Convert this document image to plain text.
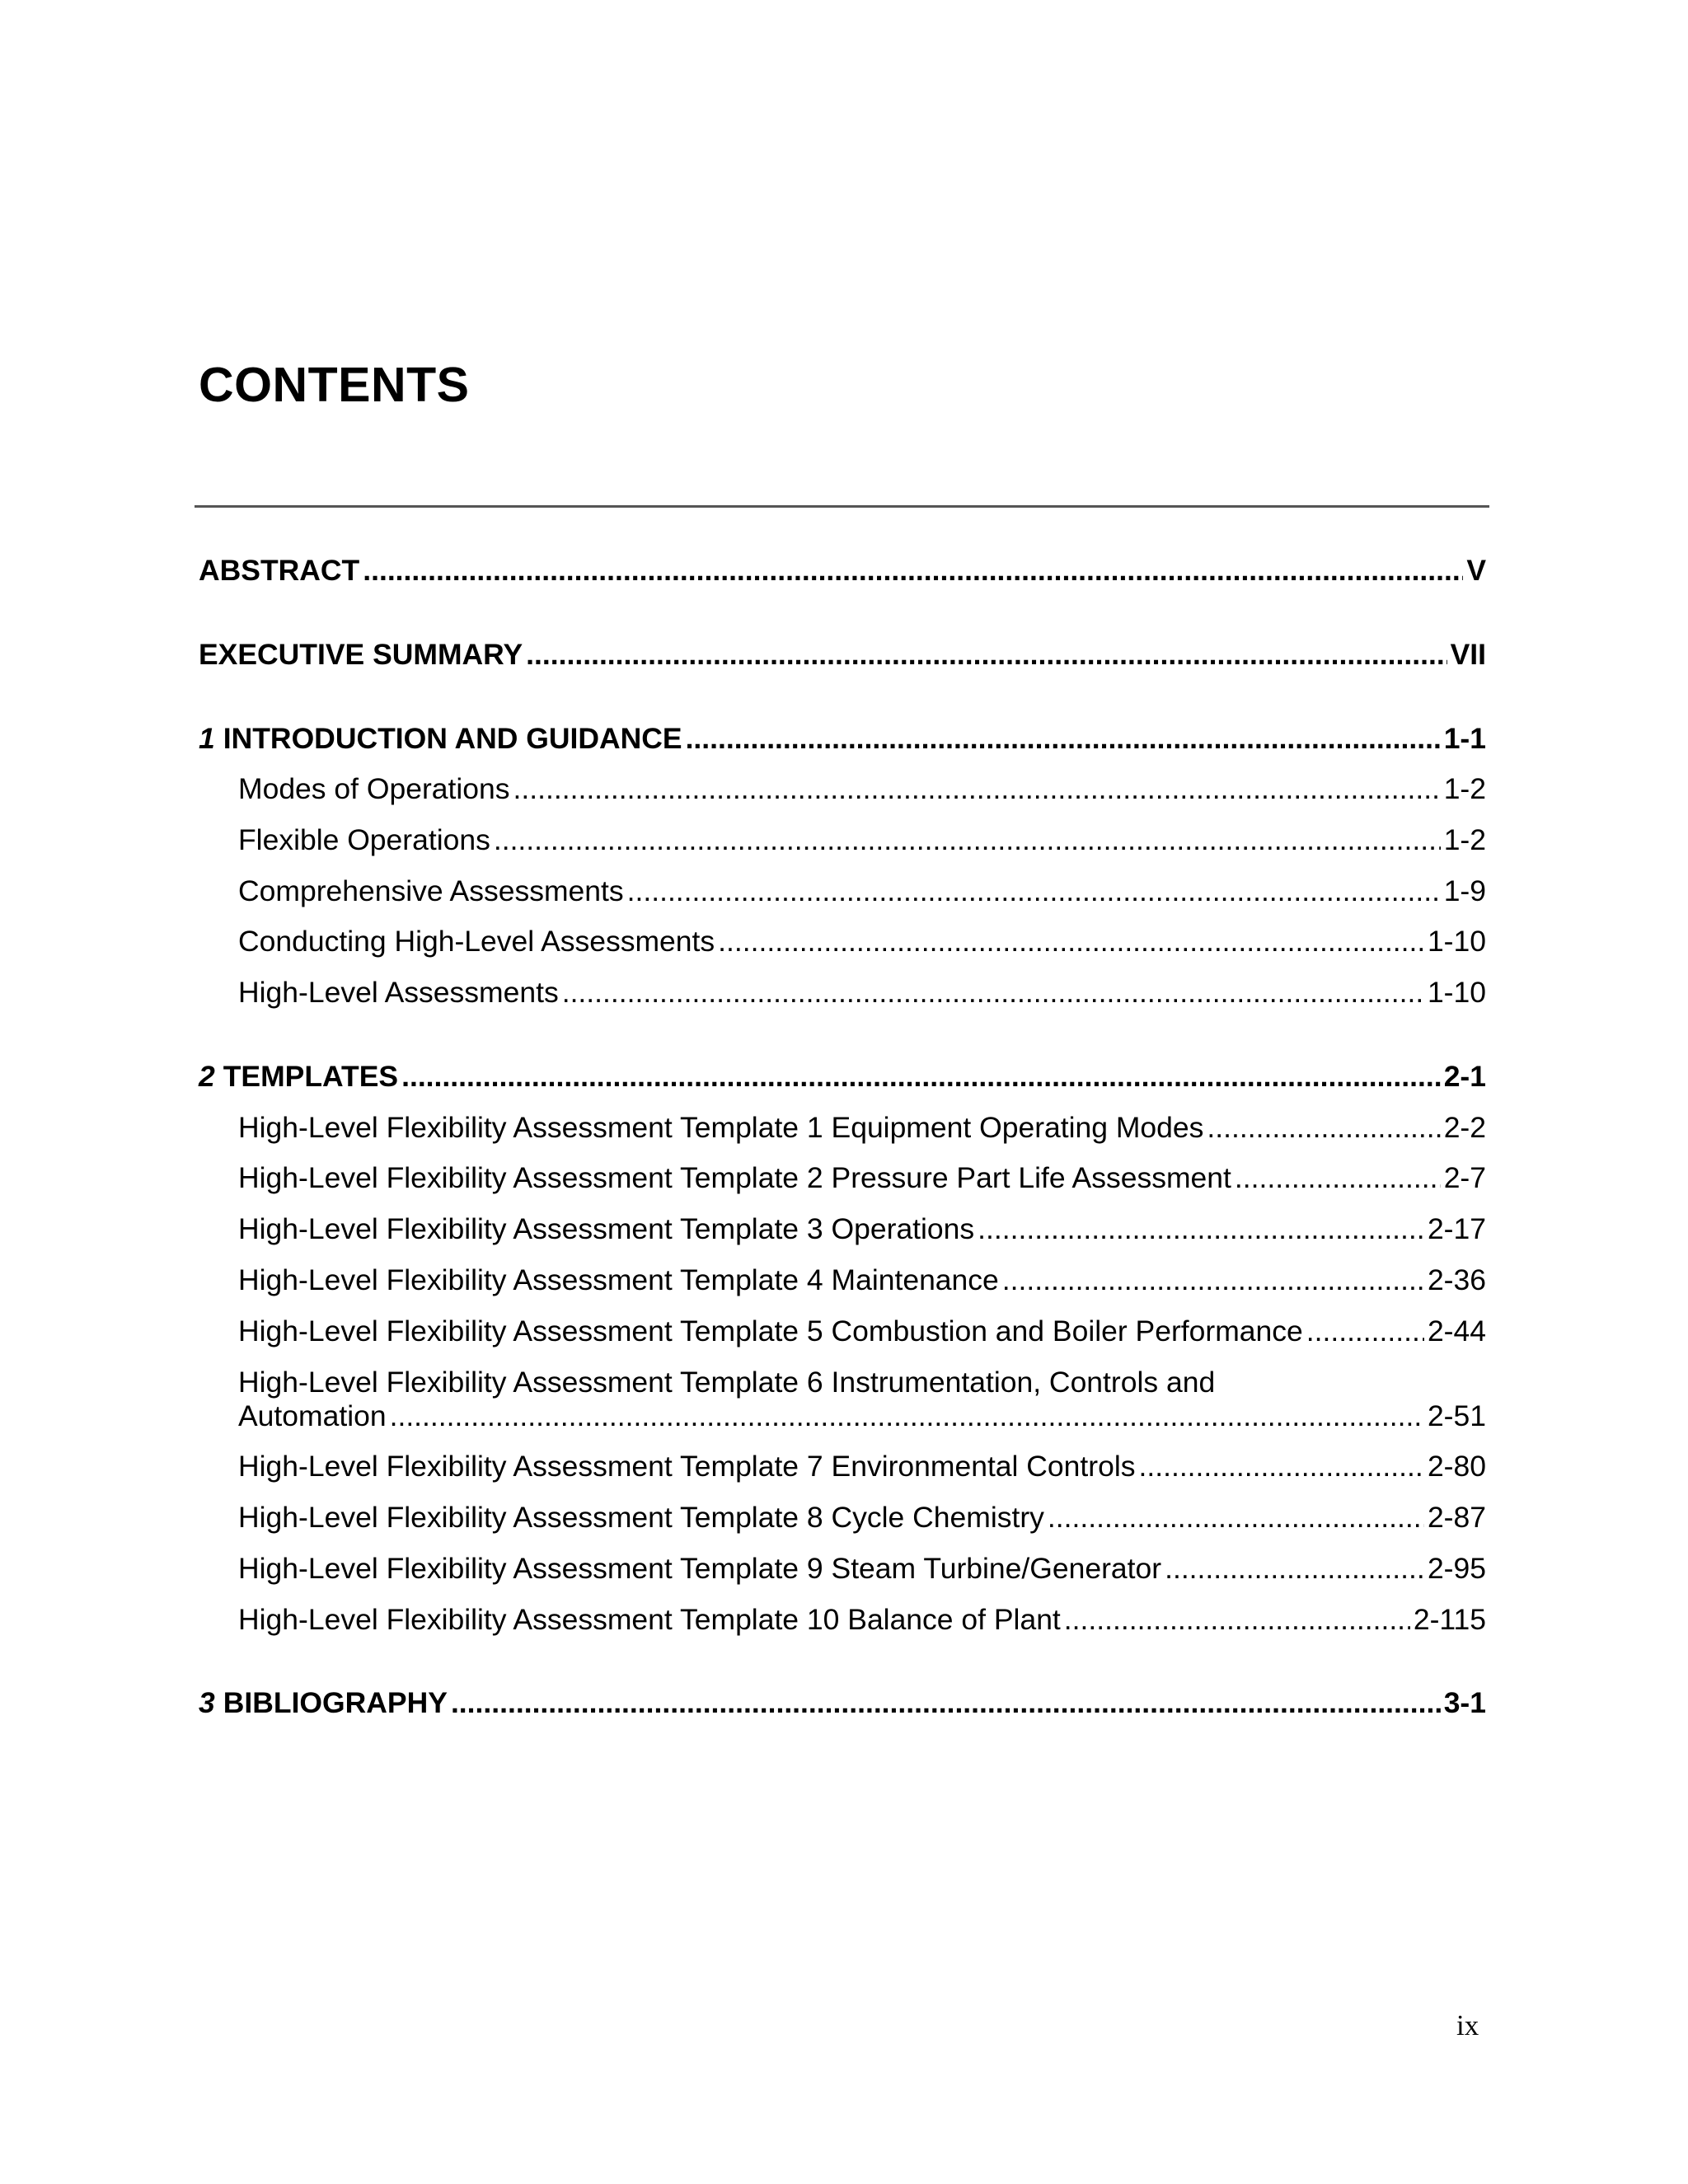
CONTENTS
ABSTRACT .....	V
EXECUTIVE SUMMARY .....	VII
1 INTRODUCTION AND GUIDANCE .....	1-1
Modes of Operations .....	1-2
Flexible Operations .....	1-2
Comprehensive Assessments .....	1-9
Conducting High-Level Assessments .....	1-10
High-Level Assessments .....	1-10
2 TEMPLATES .....	2-1
High-Level Flexibility Assessment Template 1 Equipment Operating Modes .....	2-2
High-Level Flexibility Assessment Template 2 Pressure Part Life Assessment .....	2-7
High-Level Flexibility Assessment Template 3 Operations .....	2-17
High-Level Flexibility Assessment Template 4 Maintenance .....	2-36
High-Level Flexibility Assessment Template 5 Combustion and Boiler Performance .....	2-44
High-Level Flexibility Assessment Template 6 Instrumentation, Controls and
Automation .....	2-51
High-Level Flexibility Assessment Template 7 Environmental Controls .....	2-80
High-Level Flexibility Assessment Template 8 Cycle Chemistry .....	2-87
High-Level Flexibility Assessment Template 9 Steam Turbine/Generator .....	2-95
High-Level Flexibility Assessment Template 10 Balance of Plant .....	2-115
3 BIBLIOGRAPHY .....	3-1
ix
